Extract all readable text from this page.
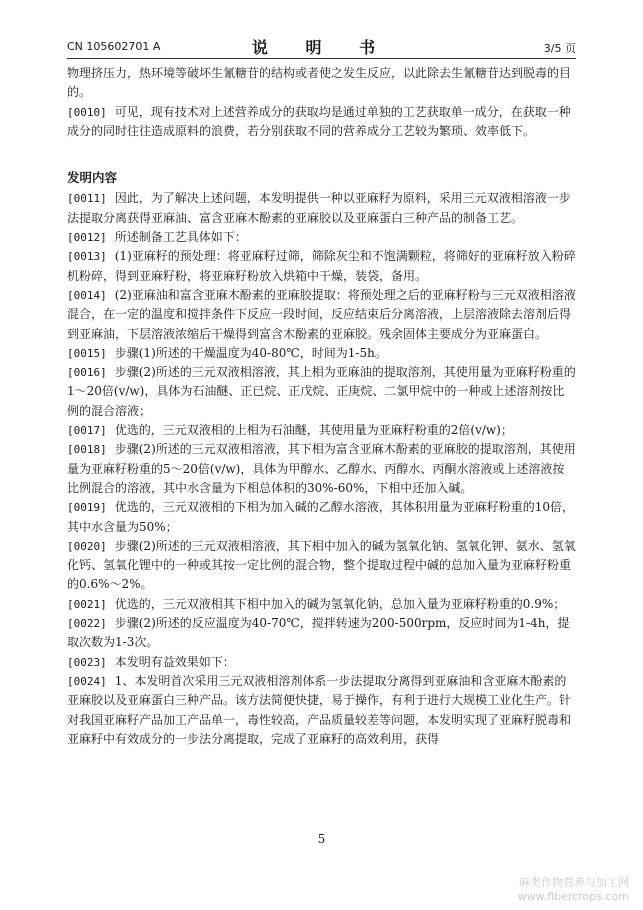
CN 105602701 A	说 明 书	3/5 页

物理挤压力，热环境等破坏生氰糖苷的结构或者使之发生反应，以此除去生氰糖苷达到脱毒的目的。

[0010] 可见，现有技术对上述营养成分的获取均是通过单独的工艺获取单一成分，在获取一种成分的同时往往造成原料的浪费，若分别获取不同的营养成分工艺较为繁琐、效率低下。

发明内容

[0011] 因此，为了解决上述问题，本发明提供一种以亚麻籽为原料，采用三元双液相溶液一步法提取分离获得亚麻油、富含亚麻木酚素的亚麻胶以及亚麻蛋白三种产品的制备工艺。

[0012] 所述制备工艺具体如下：

[0013] (1)亚麻籽的预处理：将亚麻籽过筛，筛除灰尘和不饱满颗粒，将筛好的亚麻籽放入粉碎机粉碎，得到亚麻籽粉，将亚麻籽粉放入烘箱中干燥，装袋，备用。

[0014] (2)亚麻油和富含亚麻木酚素的亚麻胶提取：将预处理之后的亚麻籽粉与三元双液相溶液混合，在一定的温度和搅拌条件下反应一段时间，反应结束后分离溶液，上层溶液除去溶剂后得到亚麻油，下层溶液浓缩后干燥得到富含木酚素的亚麻胶。残余固体主要成分为亚麻蛋白。

[0015] 步骤(1)所述的干燥温度为40-80℃，时间为1-5h。

[0016] 步骤(2)所述的三元双液相溶液，其上相为亚麻油的提取溶剂，其使用量为亚麻籽粉重的1～20倍(v/w)，具体为石油醚、正已烷、正戊烷、正庚烷、二氯甲烷中的一种或上述溶剂按比例的混合溶液；

[0017] 优选的，三元双液相的上相为石油醚，其使用量为亚麻籽粉重的2倍(v/w)；

[0018] 步骤(2)所述的三元双液相溶液，其下相为富含亚麻木酚素的亚麻胶的提取溶剂，其使用量为亚麻籽粉重的5～20倍(v/w)，具体为甲醇水、乙醇水、丙醇水、丙酮水溶液或上述溶液按比例混合的溶液，其中水含量为下相总体积的30%-60%，下相中还加入碱。

[0019] 优选的，三元双液相的下相为加入碱的乙醇水溶液，其体积用量为亚麻籽粉重的10倍，其中水含量为50%；

[0020] 步骤(2)所述的三元双液相溶液，其下相中加入的碱为氢氧化钠、氢氧化钾、氨水、氢氧化钙、氢氧化锂中的一种或其按一定比例的混合物，整个提取过程中碱的总加入量为亚麻籽粉重的0.6%～2%。

[0021] 优选的，三元双液相其下相中加入的碱为氢氧化钠，总加入量为亚麻籽粉重的0.9%；

[0022] 步骤(2)所述的反应温度为40-70℃，搅拌转速为200-500rpm，反应时间为1-4h，提取次数为1-3次。

[0023] 本发明有益效果如下：

[0024] 1、本发明首次采用三元双液相溶剂体系一步法提取分离得到亚麻油和含亚麻木酚素的亚麻胶以及亚麻蛋白三种产品。该方法简便快捷，易于操作，有利于进行大规模工业化生产。针对我国亚麻籽产品加工产品单一，毒性较高，产品质量较差等问题，本发明实现了亚麻籽脱毒和亚麻籽中有效成分的一步法分离提取，完成了亚麻籽的高效利用，获得

5
麻类作物营养与加工网
www.fibercrops.com
